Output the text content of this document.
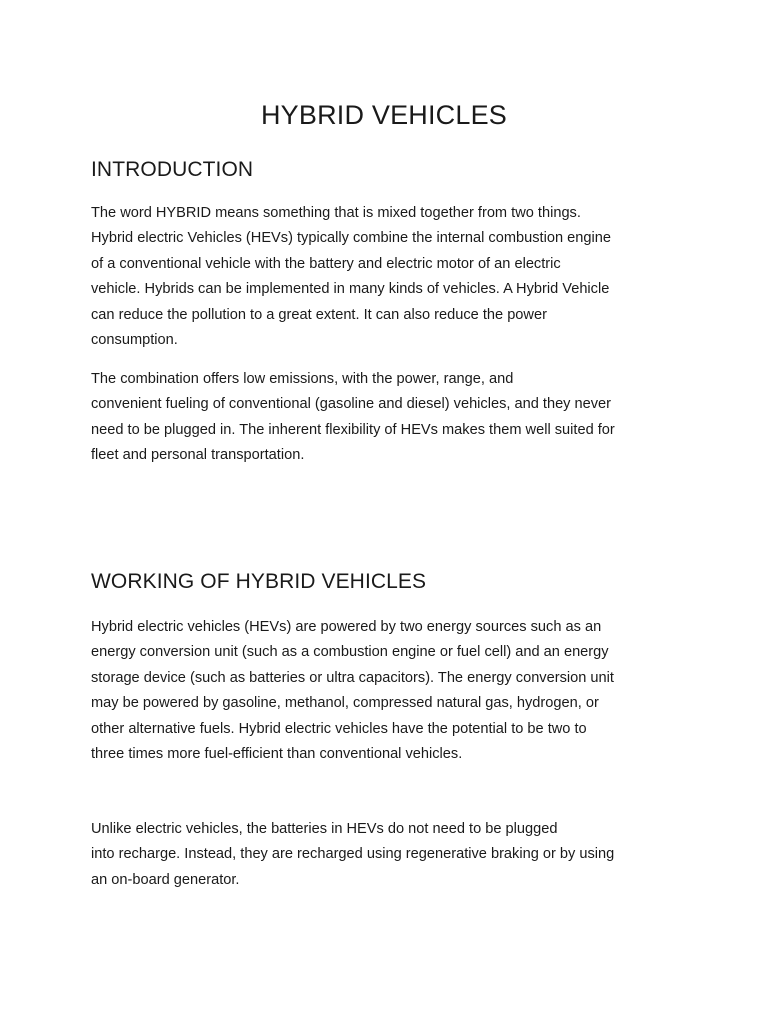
HYBRID VEHICLES
INTRODUCTION

The word HYBRID means something that is mixed together from two things.
Hybrid electric Vehicles (HEVs) typically combine the internal combustion engine
of a conventional vehicle with the battery and electric motor of an electric
vehicle. Hybrids can be implemented in many kinds of vehicles. A Hybrid Vehicle
can reduce the pollution to a great extent. It can also reduce the power
consumption.

The combination offers low emissions, with the power, range, and
convenient fueling of conventional (gasoline and diesel) vehicles, and they never
need to be plugged in. The inherent flexibility of HEVs makes them well suited for
fleet and personal transportation.

WORKING OF HYBRID VEHICLES

Hybrid electric vehicles (HEVs) are powered by two energy sources such as an
energy conversion unit (such as a combustion engine or fuel cell) and an energy
storage device (such as batteries or ultra capacitors). The energy conversion unit
may be powered by gasoline, methanol, compressed natural gas, hydrogen, or
other alternative fuels. Hybrid electric vehicles have the potential to be two to
three times more fuel-efficient than conventional vehicles.

Unlike electric vehicles, the batteries in HEVs do not need to be plugged
into recharge. Instead, they are recharged using regenerative braking or by using
an on-board generator.
